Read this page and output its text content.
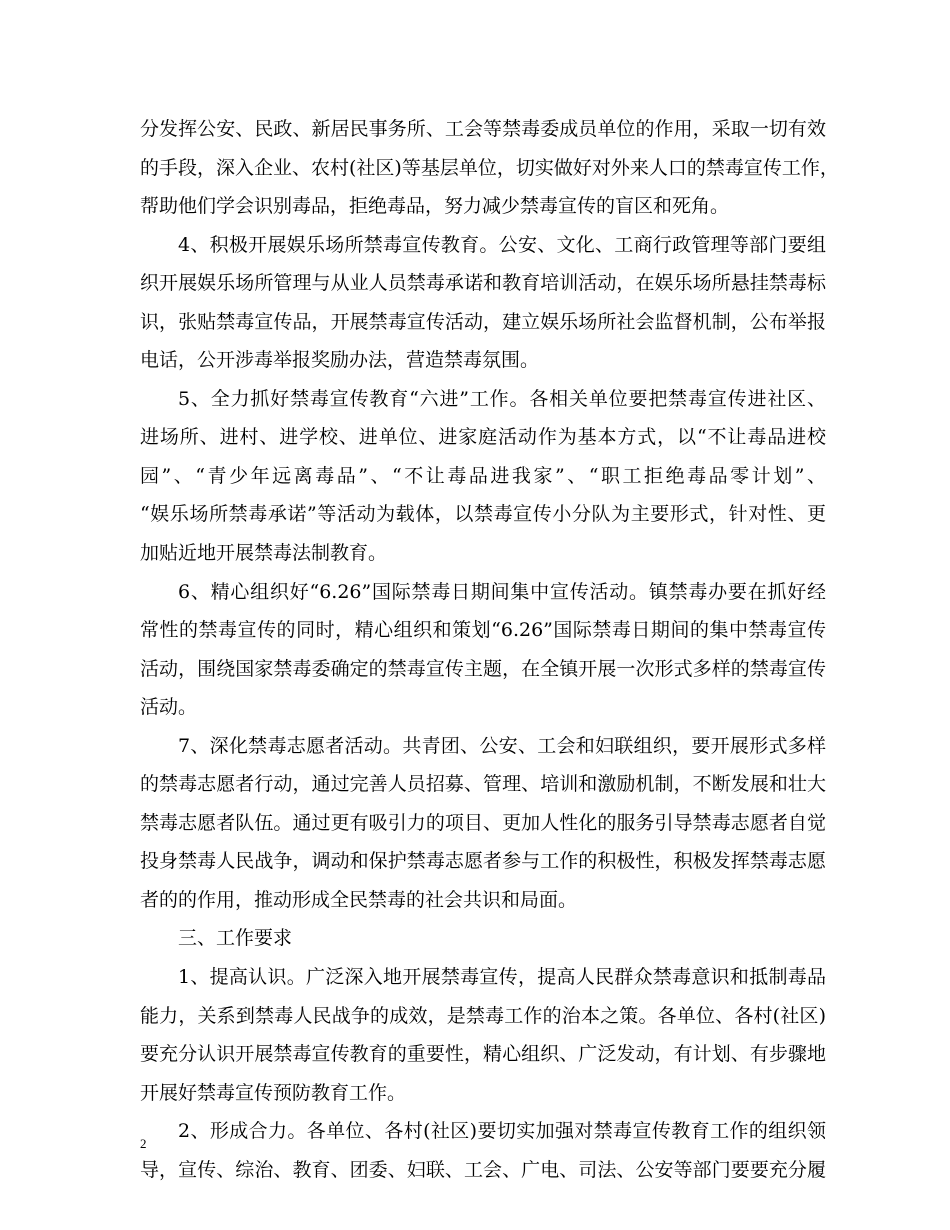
分发挥公安、民政、新居民事务所、工会等禁毒委成员单位的作用，采取一切有效
的手段，深入企业、农村(社区)等基层单位，切实做好对外来人口的禁毒宣传工作，
帮助他们学会识别毒品，拒绝毒品，努力减少禁毒宣传的盲区和死角。
4、积极开展娱乐场所禁毒宣传教育。公安、文化、工商行政管理等部门要组
织开展娱乐场所管理与从业人员禁毒承诺和教育培训活动，在娱乐场所悬挂禁毒标
识，张贴禁毒宣传品，开展禁毒宣传活动，建立娱乐场所社会监督机制，公布举报
电话，公开涉毒举报奖励办法，营造禁毒氛围。
5、全力抓好禁毒宣传教育“六进”工作。各相关单位要把禁毒宣传进社区、
进场所、进村、进学校、进单位、进家庭活动作为基本方式，以“不让毒品进校
园”、“青少年远离毒品”、“不让毒品进我家”、“职工拒绝毒品零计划”、
“娱乐场所禁毒承诺”等活动为载体，以禁毒宣传小分队为主要形式，针对性、更
加贴近地开展禁毒法制教育。
6、精心组织好“6.26”国际禁毒日期间集中宣传活动。镇禁毒办要在抓好经
常性的禁毒宣传的同时，精心组织和策划“6.26”国际禁毒日期间的集中禁毒宣传
活动，围绕国家禁毒委确定的禁毒宣传主题，在全镇开展一次形式多样的禁毒宣传
活动。
7、深化禁毒志愿者活动。共青团、公安、工会和妇联组织，要开展形式多样
的禁毒志愿者行动，通过完善人员招募、管理、培训和激励机制，不断发展和壮大
禁毒志愿者队伍。通过更有吸引力的项目、更加人性化的服务引导禁毒志愿者自觉
投身禁毒人民战争，调动和保护禁毒志愿者参与工作的积极性，积极发挥禁毒志愿
者的的作用，推动形成全民禁毒的社会共识和局面。
三、工作要求
1、提高认识。广泛深入地开展禁毒宣传，提高人民群众禁毒意识和抵制毒品
能力，关系到禁毒人民战争的成效，是禁毒工作的治本之策。各单位、各村(社区)
要充分认识开展禁毒宣传教育的重要性，精心组织、广泛发动，有计划、有步骤地
开展好禁毒宣传预防教育工作。
2、形成合力。各单位、各村(社区)要切实加强对禁毒宣传教育工作的组织领
导，宣传、综治、教育、团委、妇联、工会、广电、司法、公安等部门要要充分履
2
